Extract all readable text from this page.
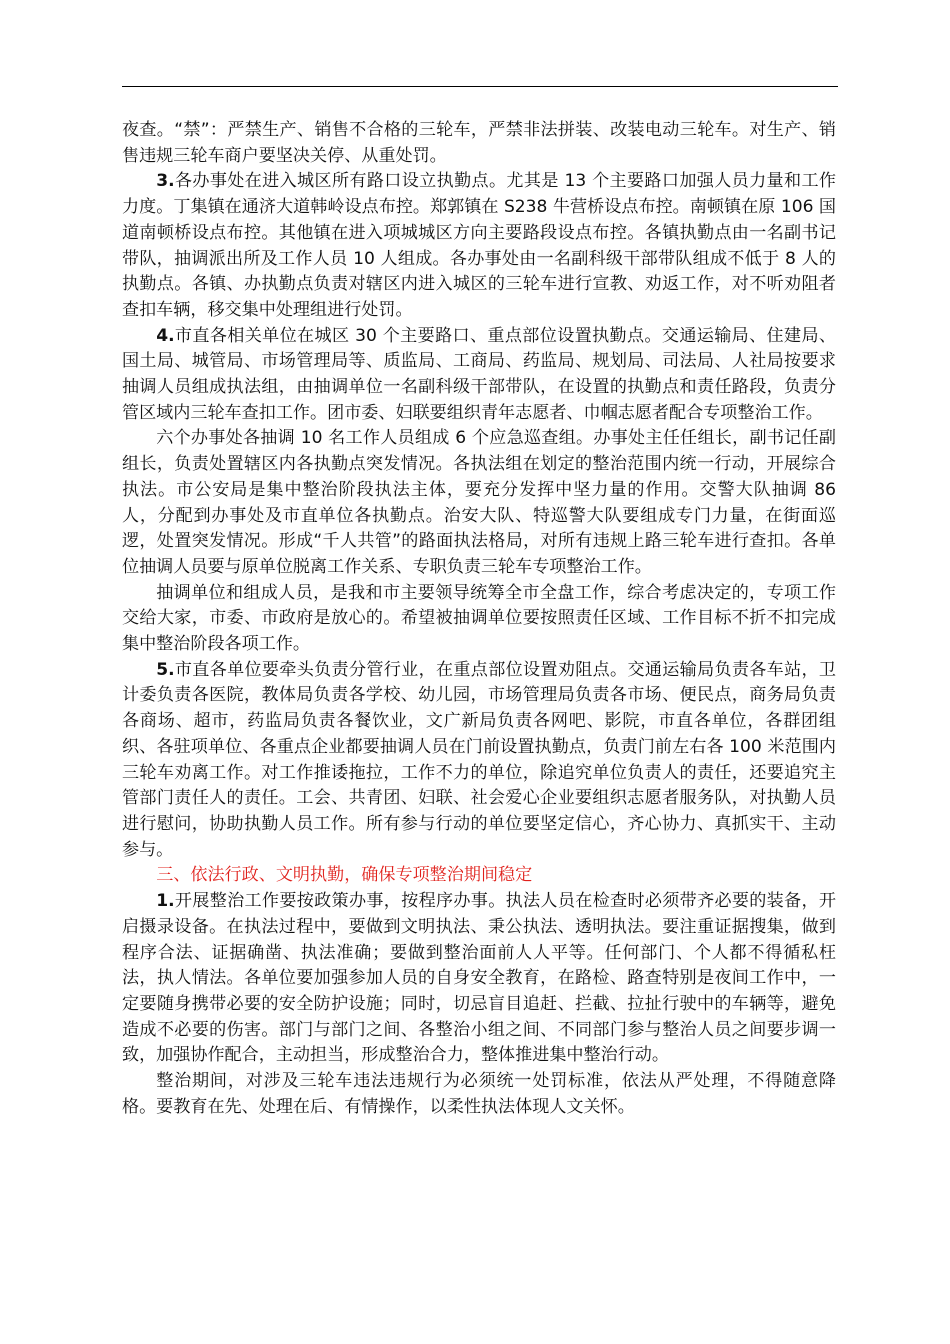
夜查。“禁”：严禁生产、销售不合格的三轮车，严禁非法拼装、改装电动三轮车。对生产、销售违规三轮车商户要坚决关停、从重处罚。

3.各办事处在进入城区所有路口设立执勤点。尤其是 13 个主要路口加强人员力量和工作力度。丁集镇在通济大道韩岭设点布控。郑郭镇在 S238 牛营桥设点布控。南顿镇在原 106 国道南顿桥设点布控。其他镇在进入项城城区方向主要路段设点布控。各镇执勤点由一名副书记带队，抽调派出所及工作人员 10 人组成。各办事处由一名副科级干部带队组成不低于 8 人的执勤点。各镇、办执勤点负责对辖区内进入城区的三轮车进行宣教、劝返工作，对不听劝阻者查扣车辆，移交集中处理组进行处罚。

4.市直各相关单位在城区 30 个主要路口、重点部位设置执勤点。交通运输局、住建局、国土局、城管局、市场管理局等、质监局、工商局、药监局、规划局、司法局、人社局按要求抽调人员组成执法组，由抽调单位一名副科级干部带队，在设置的执勤点和责任路段，负责分管区域内三轮车查扣工作。团市委、妇联要组织青年志愿者、巾帼志愿者配合专项整治工作。

六个办事处各抽调 10 名工作人员组成 6 个应急巡查组。办事处主任任组长，副书记任副组长，负责处置辖区内各执勤点突发情况。各执法组在划定的整治范围内统一行动，开展综合执法。市公安局是集中整治阶段执法主体，要充分发挥中坚力量的作用。交警大队抽调 86 人，分配到办事处及市直单位各执勤点。治安大队、特巡警大队要组成专门力量，在街面巡逻，处置突发情况。形成“千人共管”的路面执法格局，对所有违规上路三轮车进行查扣。各单位抽调人员要与原单位脱离工作关系、专职负责三轮车专项整治工作。

抽调单位和组成人员，是我和市主要领导统筹全市全盘工作，综合考虑决定的，专项工作交给大家，市委、市政府是放心的。希望被抽调单位要按照责任区域、工作目标不折不扣完成集中整治阶段各项工作。

5.市直各单位要牵头负责分管行业，在重点部位设置劝阻点。交通运输局负责各车站，卫计委负责各医院，教体局负责各学校、幼儿园，市场管理局负责各市场、便民点，商务局负责各商场、超市，药监局负责各餐饮业，文广新局负责各网吧、影院，市直各单位，各群团组织、各驻项单位、各重点企业都要抽调人员在门前设置执勤点，负责门前左右各 100 米范围内三轮车劝离工作。对工作推诿拖拉，工作不力的单位，除追究单位负责人的责任，还要追究主管部门责任人的责任。工会、共青团、妇联、社会爱心企业要组织志愿者服务队，对执勤人员进行慰问，协助执勤人员工作。所有参与行动的单位要坚定信心，齐心协力、真抓实干、主动参与。

三、依法行政、文明执勤，确保专项整治期间稳定

1.开展整治工作要按政策办事，按程序办事。执法人员在检查时必须带齐必要的装备，开启摄录设备。在执法过程中，要做到文明执法、秉公执法、透明执法。要注重证据搜集，做到程序合法、证据确凿、执法准确；要做到整治面前人人平等。任何部门、个人都不得循私枉法，执人情法。各单位要加强参加人员的自身安全教育，在路检、路查特别是夜间工作中，一定要随身携带必要的安全防护设施；同时，切忌盲目追赶、拦截、拉扯行驶中的车辆等，避免造成不必要的伤害。部门与部门之间、各整治小组之间、不同部门参与整治人员之间要步调一致，加强协作配合，主动担当，形成整治合力，整体推进集中整治行动。

整治期间，对涉及三轮车违法违规行为必须统一处罚标准，依法从严处理，不得随意降格。要教育在先、处理在后、有情操作，以柔性执法体现人文关怀。
